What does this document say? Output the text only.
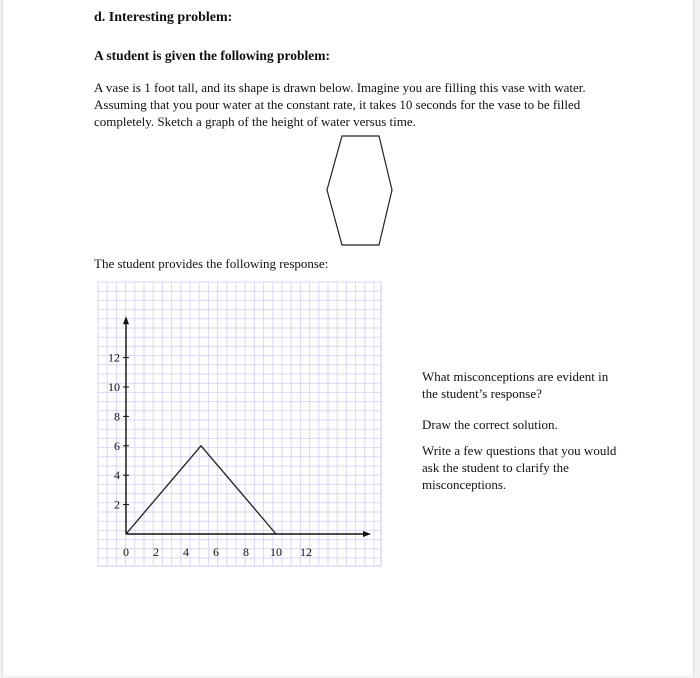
d. Interesting problem:
A student is given the following problem:
A vase is 1 foot tall, and its shape is drawn below. Imagine you are filling this vase with water. Assuming that you pour water at the constant rate, it takes 10 seconds for the vase to be filled completely. Sketch a graph of the height of water versus time.
The student provides the following response:
0 2 4 6 8 10 12
2
4
6
8
10
12
What misconceptions are evident in the student’s response?
Draw the correct solution.
Write a few questions that you would ask the student to clarify the misconceptions.
